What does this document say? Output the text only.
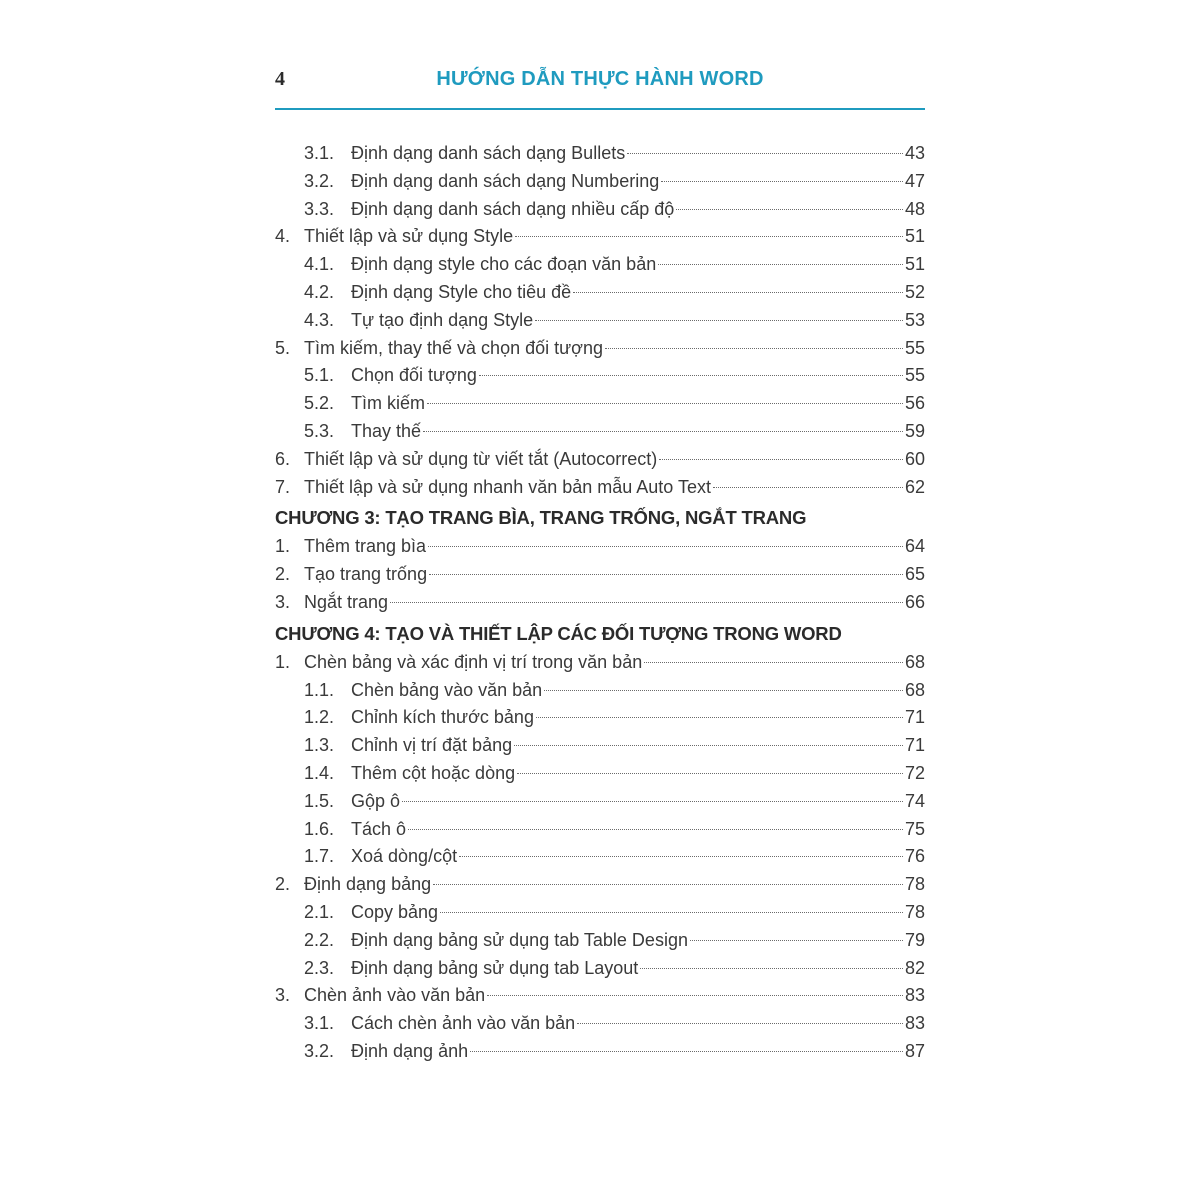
4	HƯỚNG DẪN THỰC HÀNH WORD
3.1. Định dạng danh sách dạng Bullets	43
3.2. Định dạng danh sách dạng Numbering	47
3.3. Định dạng danh sách dạng nhiều cấp độ	48
4. Thiết lập và sử dụng Style	51
4.1. Định dạng style cho các đoạn văn bản	51
4.2. Định dạng Style cho tiêu đề	52
4.3. Tự tạo định dạng Style	53
5. Tìm kiếm, thay thế và chọn đối tượng	55
5.1. Chọn đối tượng	55
5.2. Tìm kiếm	56
5.3. Thay thế	59
6. Thiết lập và sử dụng từ viết tắt (Autocorrect)	60
7. Thiết lập và sử dụng nhanh văn bản mẫu Auto Text	62
CHƯƠNG 3: TẠO TRANG BÌA, TRANG TRỐNG, NGẮT TRANG
1. Thêm trang bìa	64
2. Tạo trang trống	65
3. Ngắt trang	66
CHƯƠNG 4: TẠO VÀ THIẾT LẬP CÁC ĐỐI TƯỢNG TRONG WORD
1. Chèn bảng và xác định vị trí trong văn bản	68
1.1. Chèn bảng vào văn bản	68
1.2. Chỉnh kích thước bảng	71
1.3. Chỉnh vị trí đặt bảng	71
1.4. Thêm cột hoặc dòng	72
1.5. Gộp ô	74
1.6. Tách ô	75
1.7. Xoá dòng/cột	76
2. Định dạng bảng	78
2.1. Copy bảng	78
2.2. Định dạng bảng sử dụng tab Table Design	79
2.3. Định dạng bảng sử dụng tab Layout	82
3. Chèn ảnh vào văn bản	83
3.1. Cách chèn ảnh vào văn bản	83
3.2. Định dạng ảnh	87
